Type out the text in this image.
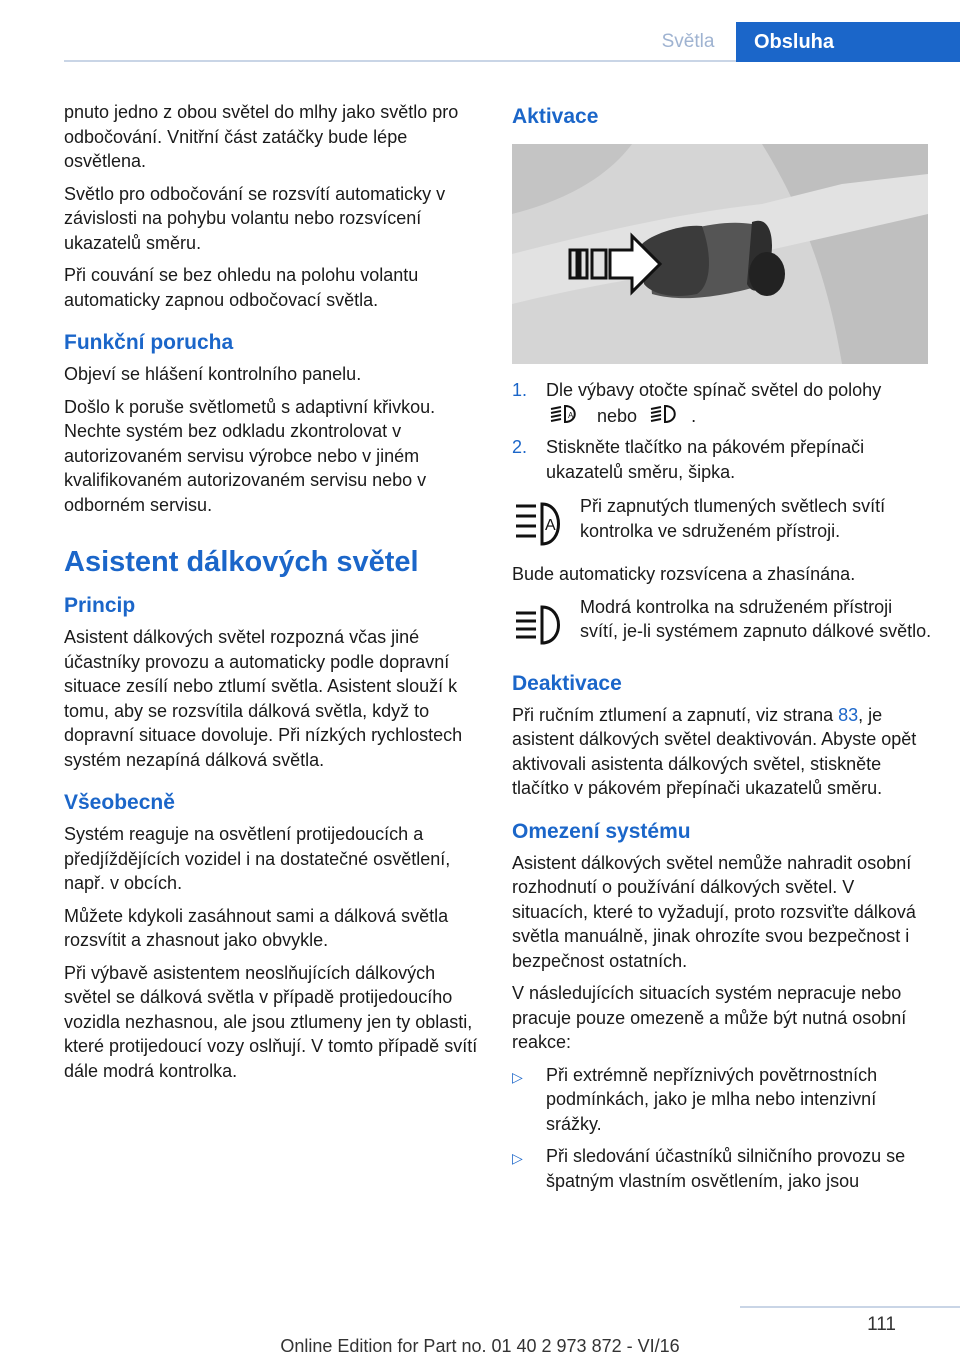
Světla	Obsluha

pnuto jedno z obou světel do mlhy jako světlo pro odbočování. Vnitřní část zatáčky bude lépe osvětlena.

Světlo pro odbočování se rozsvítí automaticky v závislosti na pohybu volantu nebo rozsvícení ukazatelů směru.

Při couvání se bez ohledu na polohu volantu automaticky zapnou odbočovací světla.

Funkční porucha

Objeví se hlášení kontrolního panelu.

Došlo k poruše světlometů s adaptivní křivkou. Nechte systém bez odkladu zkontrolovat v autorizovaném servisu výrobce nebo v jiném kvalifikovaném autorizovaném servisu nebo v odborném servisu.

Asistent dálkových světel
Princip

Asistent dálkových světel rozpozná včas jiné účastníky provozu a automaticky podle dopravní situace zesílí nebo ztlumí světla. Asistent slouží k tomu, aby se rozsvítila dálková světla, když to dopravní situace dovoluje. Při nízkých rychlostech systém nezapíná dálková světla.

Všeobecně

Systém reaguje na osvětlení protijedoucích a předjíždějících vozidel i na dostatečné osvětlení, např. v obcích.

Můžete kdykoli zasáhnout sami a dálková světla rozsvítit a zhasnout jako obvykle.

Při výbavě asistentem neoslňujících dálkových světel se dálková světla v případě protijedoucího vozidla nezhasnou, ale jsou ztlumeny jen ty oblasti, které protijedoucí vozy oslňují. V tomto případě svítí dále modrá kontrolka.

Aktivace
1.	Dle výbavy otočte spínač světel do polohy

A nebo	.
2.	Stiskněte tlačítko na pákovém přepínači ukazatelů směru, šipka.
A
Při zapnutých tlumených světlech svítí kontrolka ve sdruženém přístroji.

Bude automaticky rozsvícena a zhasínána.

Modrá kontrolka na sdruženém přístroji svítí, je-li systémem zapnuto dálkové světlo.
Deaktivace

Při ručním ztlumení a zapnutí, viz strana 83, je asistent dálkových světel deaktivován. Abyste opět aktivovali asistenta dálkových světel, stiskněte tlačítko v pákovém přepínači ukazatelů směru.

Omezení systému

Asistent dálkových světel nemůže nahradit osobní rozhodnutí o používání dálkových světel. V situacích, které to vyžadují, proto rozsviťte dálková světla manuálně, jinak ohrozíte svou bezpečnost i bezpečnost ostatních.

V následujících situacích systém nepracuje nebo pracuje pouze omezeně a může být nutná osobní reakce:

▷	Při extrémně nepříznivých povětrnostních podmínkách, jako je mlha nebo intenzivní srážky.
▷	Při sledování účastníků silničního provozu se špatným vlastním osvětlením, jako jsou
111
Online Edition for Part no. 01 40 2 973 872 - VI/16
